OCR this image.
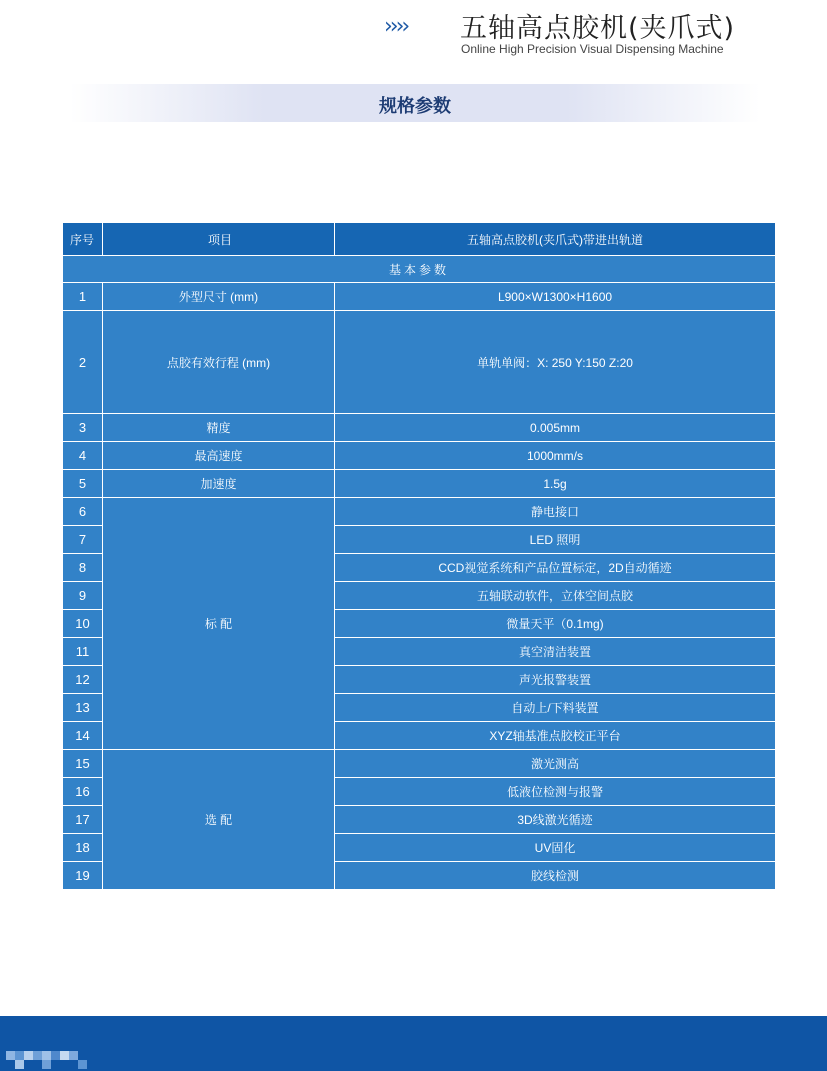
›››› 五轴高点胶机(夹爪式)
Online High Precision Visual Dispensing Machine
规格参数
序号	项目	五轴高点胶机(夹爪式)带进出轨道
基本参数		
1	外型尺寸 (mm)	L900×W1300×H1600
2	点胶有效行程 (mm)	单轨单阀：X: 250 Y:150 Z:20
3	精度	0.005mm
4	最高速度	1000mm/s
5	加速度	1.5g
6	标 配	静电接口
7		LED 照明
8		CCD视觉系统和产品位置标定，2D自动循迹
9		五轴联动软件，立体空间点胶
10		微量天平（0.1mg)
11		真空清洁装置
12		声光报警装置
13		自动上/下料装置
14		XYZ轴基准点胶校正平台
15	选 配	激光测高
16		低液位检测与报警
17		3D线激光循迹
18		UV固化
19		胶线检测
